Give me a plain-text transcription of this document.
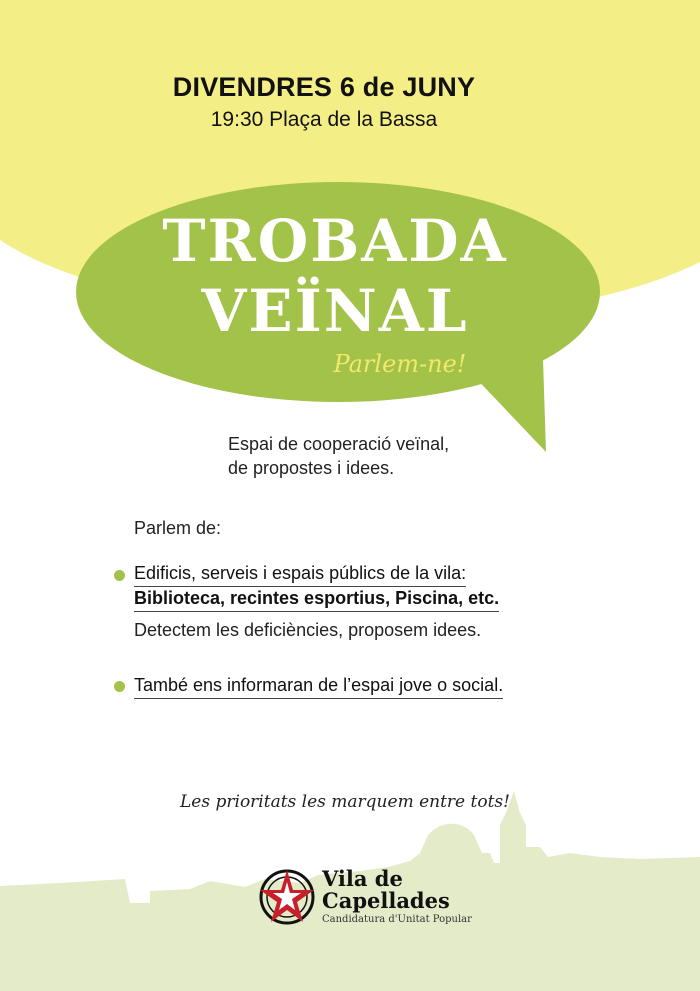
DIVENDRES 6 de JUNY
19:30 Plaça de la Bassa
TROBADA
VEÏNAL
Parlem-ne!
Espai de cooperació veïnal,
de propostes i idees.
Parlem de:
Edificis, serveis i espais públics de la vila:
Biblioteca, recintes esportius, Piscina, etc.
Detectem les deficiències, proposem idees.
També ens informaran de l’espai jove o social.
Les prioritats les marquem entre tots!
Vila de
Capellades
Candidatura d'Unitat Popular
